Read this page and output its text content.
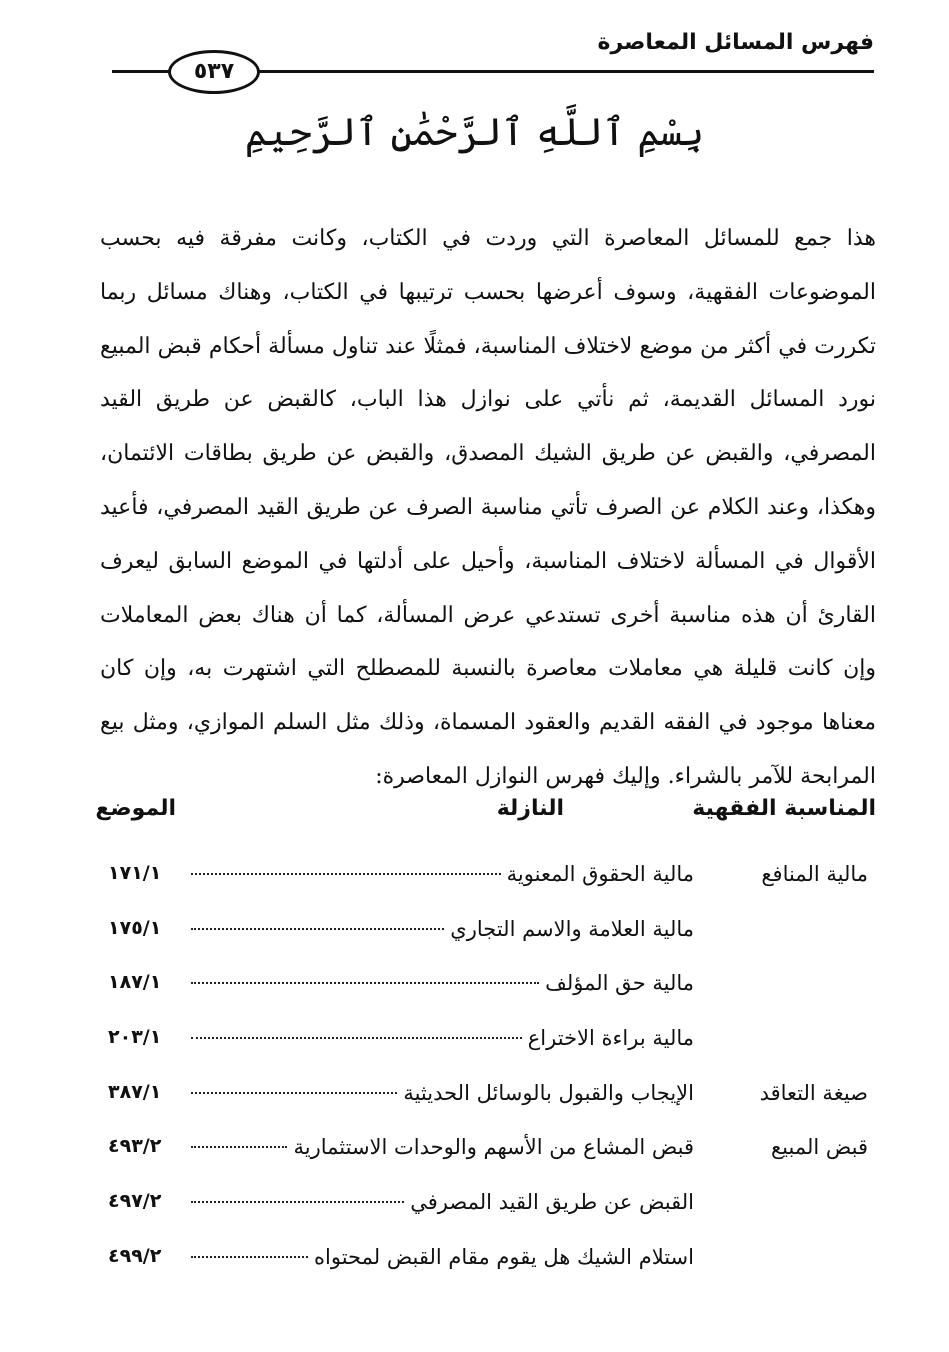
فهرس المسائل المعاصرة
٥٣٧
بِسْمِ ٱللَّهِ ٱلرَّحْمَٰنِ ٱلرَّحِيمِ
هذا جمع للمسائل المعاصرة التي وردت في الكتاب، وكانت مفرقة فيه بحسب الموضوعات الفقهية، وسوف أعرضها بحسب ترتيبها في الكتاب، وهناك مسائل ربما تكررت في أكثر من موضع لاختلاف المناسبة، فمثلًا عند تناول مسألة أحكام قبض المبيع نورد المسائل القديمة، ثم نأتي على نوازل هذا الباب، كالقبض عن طريق القيد المصرفي، والقبض عن طريق الشيك المصدق، والقبض عن طريق بطاقات الائتمان، وهكذا، وعند الكلام عن الصرف تأتي مناسبة الصرف عن طريق القيد المصرفي، فأعيد الأقوال في المسألة لاختلاف المناسبة، وأحيل على أدلتها في الموضع السابق ليعرف القارئ أن هذه مناسبة أخرى تستدعي عرض المسألة، كما أن هناك بعض المعاملات وإن كانت قليلة هي معاملات معاصرة بالنسبة للمصطلح التي اشتهرت به، وإن كان معناها موجود في الفقه القديم والعقود المسماة، وذلك مثل السلم الموازي، ومثل بيع المرابحة للآمر بالشراء. وإليك فهرس النوازل المعاصرة:
المناسبة الفقهية
النازلة
الموضع
مالية المنافع
مالية الحقوق المعنوية
١٧١/١
مالية العلامة والاسم التجاري
١٧٥/١
مالية حق المؤلف
١٨٧/١
مالية براءة الاختراع
٢٠٣/١
صيغة التعاقد
الإيجاب والقبول بالوسائل الحديثية
٣٨٧/١
قبض المبيع
قبض المشاع من الأسهم والوحدات الاستثمارية
٤٩٣/٢
القبض عن طريق القيد المصرفي
٤٩٧/٢
استلام الشيك هل يقوم مقام القبض لمحتواه
٤٩٩/٢
